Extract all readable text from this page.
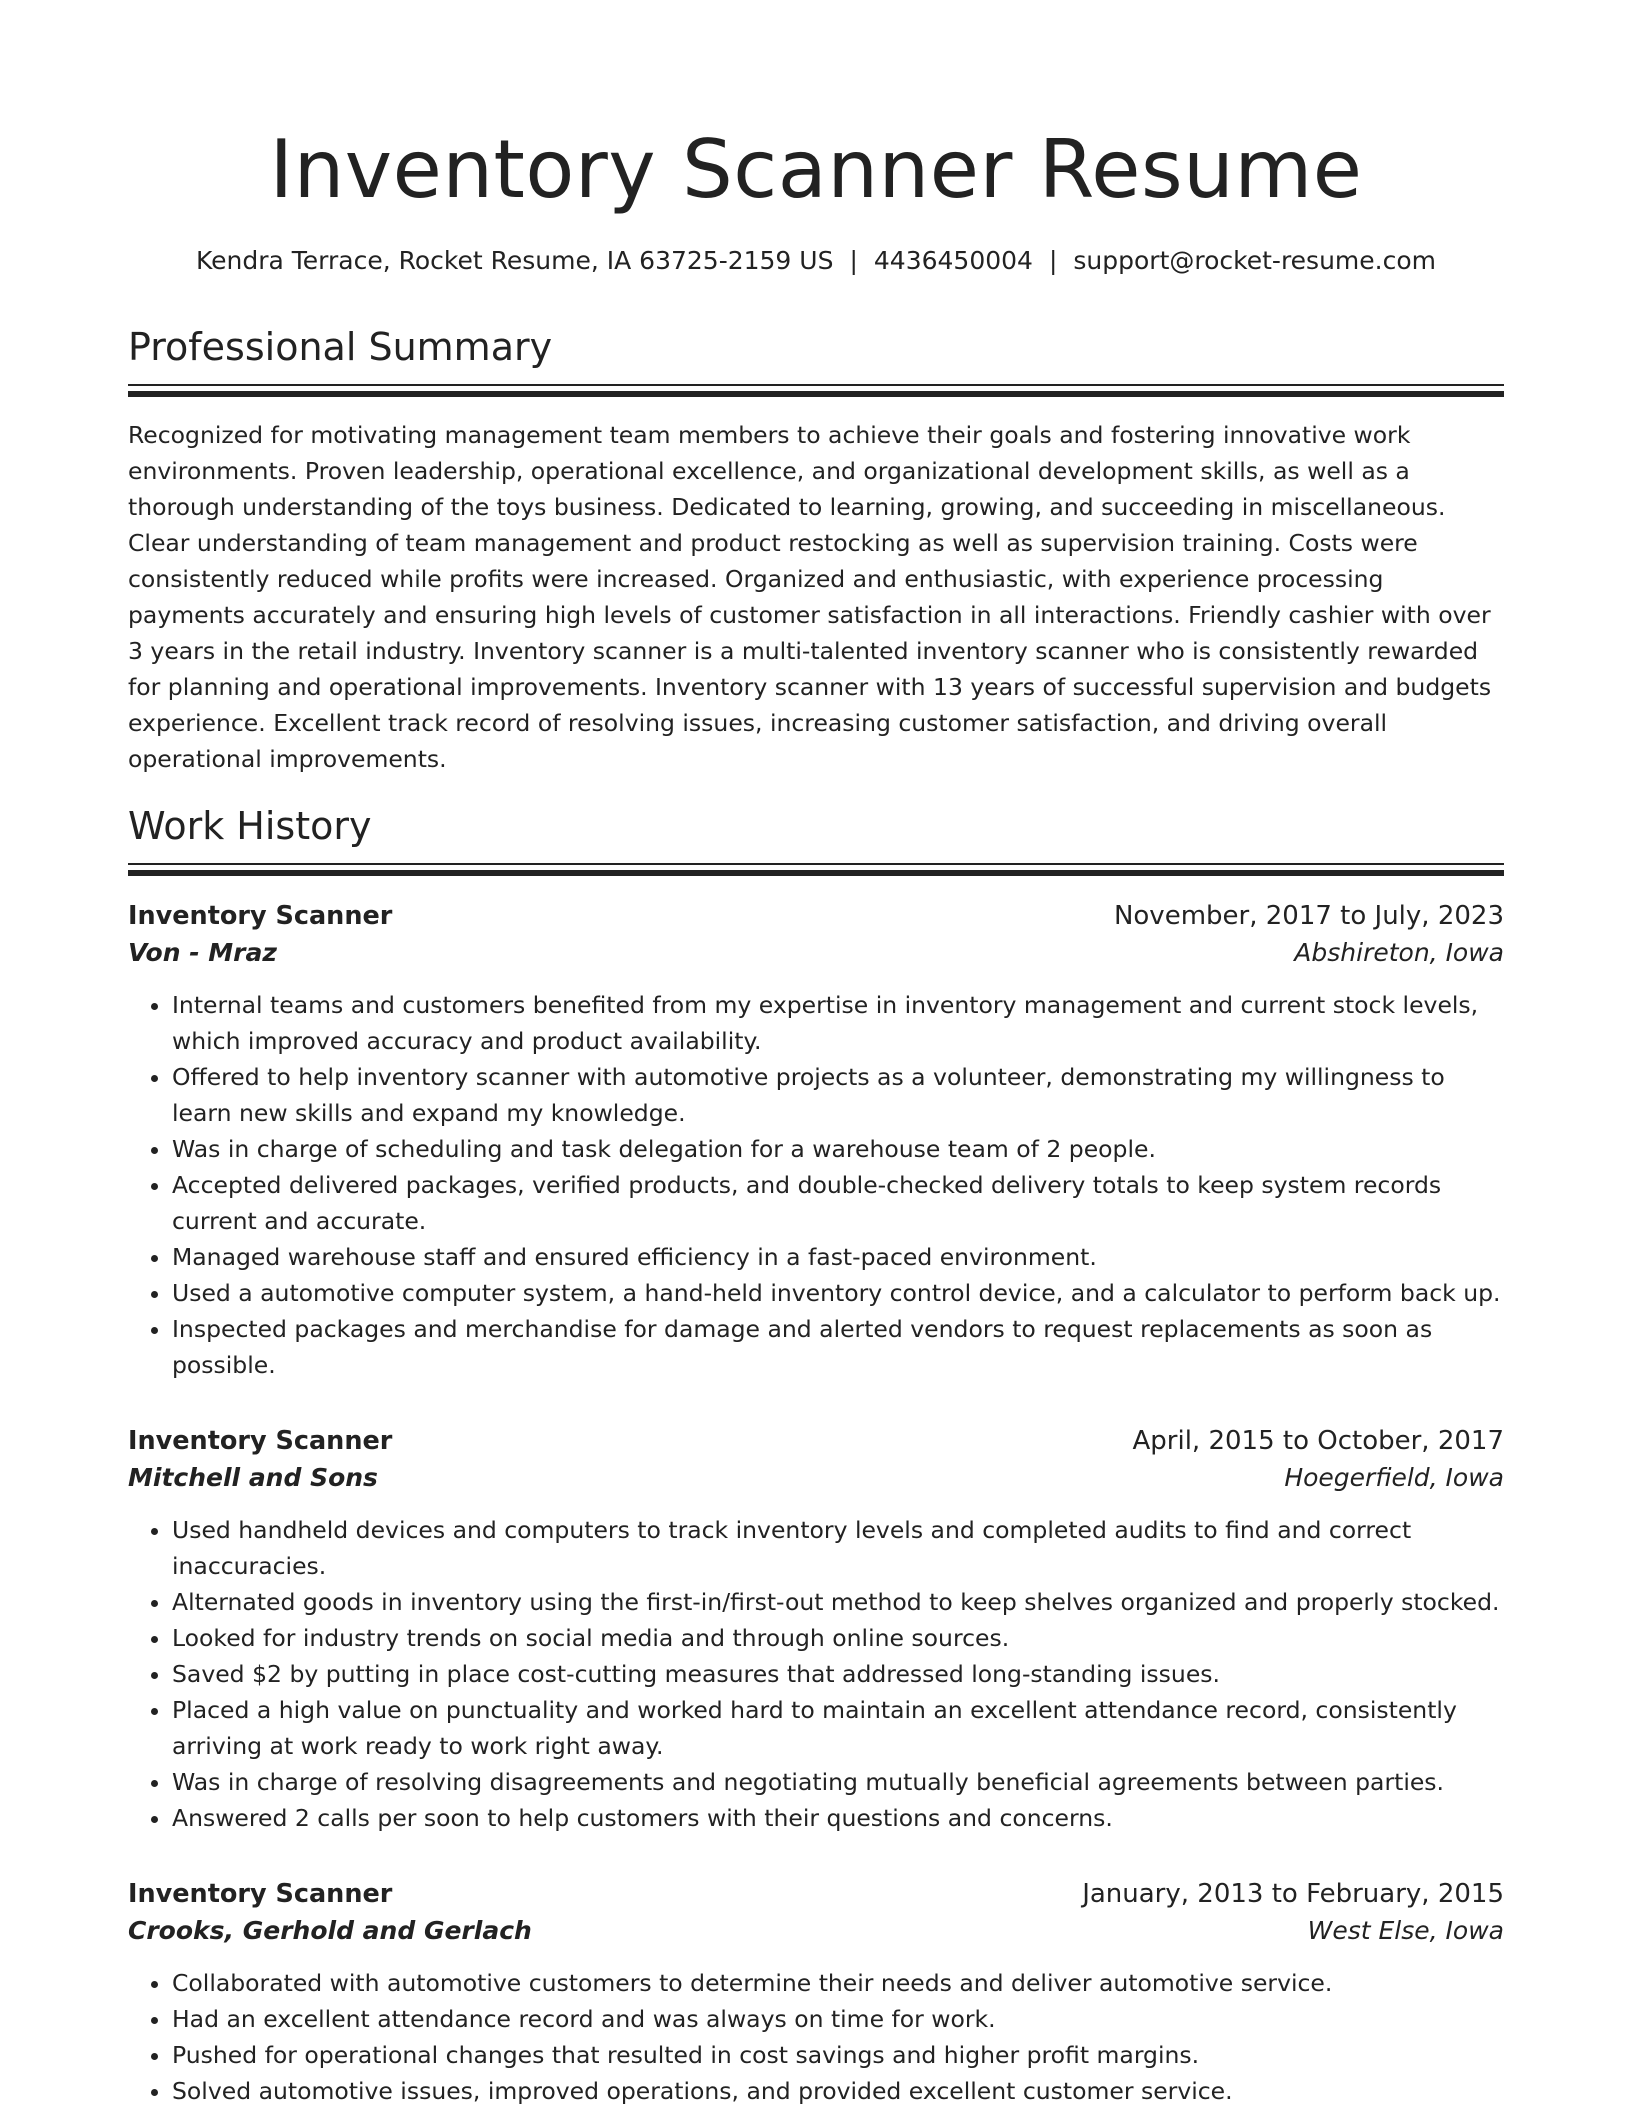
Inventory Scanner Resume
Kendra Terrace, Rocket Resume, IA 63725-2159 US | 4436450004 | support@rocket-resume.com
Professional Summary
Recognized for motivating management team members to achieve their goals and fostering innovative work environments. Proven leadership, operational excellence, and organizational development skills, as well as a thorough understanding of the toys business. Dedicated to learning, growing, and succeeding in miscellaneous. Clear understanding of team management and product restocking as well as supervision training. Costs were consistently reduced while profits were increased. Organized and enthusiastic, with experience processing payments accurately and ensuring high levels of customer satisfaction in all interactions. Friendly cashier with over 3 years in the retail industry. Inventory scanner is a multi-talented inventory scanner who is consistently rewarded for planning and operational improvements. Inventory scanner with 13 years of successful supervision and budgets experience. Excellent track record of resolving issues, increasing customer satisfaction, and driving overall operational improvements.
Work History
Inventory Scanner	November, 2017 to July, 2023
Von - Mraz	Abshireton, Iowa
• Internal teams and customers benefited from my expertise in inventory management and current stock levels, which improved accuracy and product availability.
• Offered to help inventory scanner with automotive projects as a volunteer, demonstrating my willingness to learn new skills and expand my knowledge.
• Was in charge of scheduling and task delegation for a warehouse team of 2 people.
• Accepted delivered packages, verified products, and double-checked delivery totals to keep system records current and accurate.
• Managed warehouse staff and ensured efficiency in a fast-paced environment.
• Used a automotive computer system, a hand-held inventory control device, and a calculator to perform back up.
• Inspected packages and merchandise for damage and alerted vendors to request replacements as soon as possible.
Inventory Scanner	April, 2015 to October, 2017
Mitchell and Sons	Hoegerfield, Iowa
• Used handheld devices and computers to track inventory levels and completed audits to find and correct inaccuracies.
• Alternated goods in inventory using the first-in/first-out method to keep shelves organized and properly stocked.
• Looked for industry trends on social media and through online sources.
• Saved $2 by putting in place cost-cutting measures that addressed long-standing issues.
• Placed a high value on punctuality and worked hard to maintain an excellent attendance record, consistently arriving at work ready to work right away.
• Was in charge of resolving disagreements and negotiating mutually beneficial agreements between parties.
• Answered 2 calls per soon to help customers with their questions and concerns.
Inventory Scanner	January, 2013 to February, 2015
Crooks, Gerhold and Gerlach	West Else, Iowa
• Collaborated with automotive customers to determine their needs and deliver automotive service.
• Had an excellent attendance record and was always on time for work.
• Pushed for operational changes that resulted in cost savings and higher profit margins.
• Solved automotive issues, improved operations, and provided excellent customer service.
